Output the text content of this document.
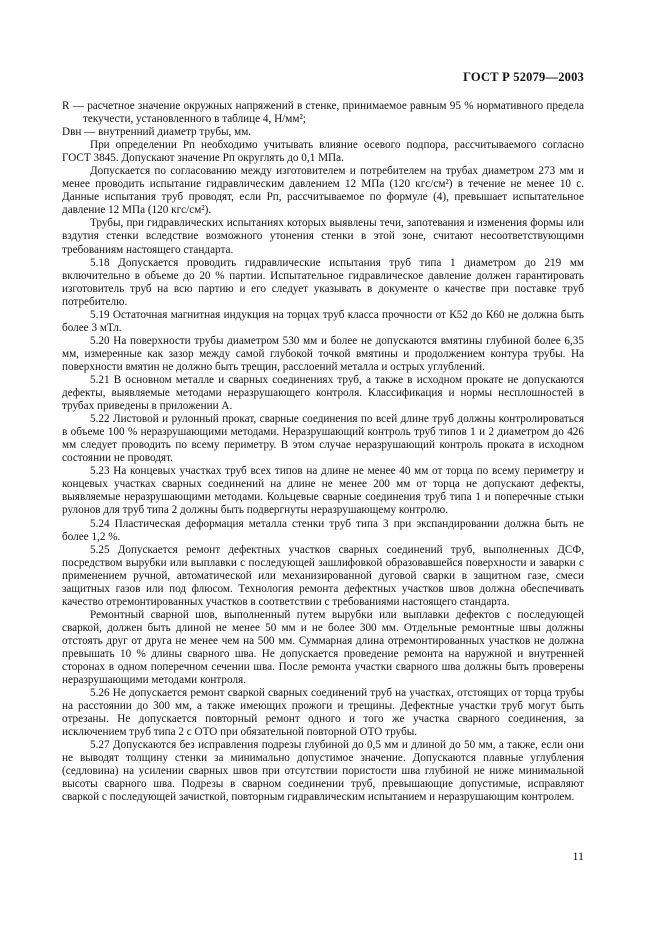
ГОСТ Р 52079—2003

R — расчетное значение окружных напряжений в стенке, принимаемое равным 95 % нормативного предела текучести, установленного в таблице 4, Н/мм²;

Dвн — внутренний диаметр трубы, мм.

При определении Рп необходимо учитывать влияние осевого подпора, рассчитываемого согласно ГОСТ 3845. Допускают значение Рп округлять до 0,1 МПа.

Допускается по согласованию между изготовителем и потребителем на трубах диаметром 273 мм и менее проводить испытание гидравлическим давлением 12 МПа (120 кгс/см²) в течение не менее 10 с. Данные испытания труб проводят, если Рп, рассчитываемое по формуле (4), превышает испытательное давление 12 МПа (120 кгс/см²).

Трубы, при гидравлических испытаниях которых выявлены течи, запотевания и изменения формы или вздутия стенки вследствие возможного утонения стенки в этой зоне, считают несоответствующими требованиям настоящего стандарта.

5.18 Допускается проводить гидравлические испытания труб типа 1 диаметром до 219 мм включительно в объеме до 20 % партии. Испытательное гидравлическое давление должен гарантировать изготовитель труб на всю партию и его следует указывать в документе о качестве при поставке труб потребителю.

5.19 Остаточная магнитная индукция на торцах труб класса прочности от К52 до К60 не должна быть более 3 мТл.

5.20 На поверхности трубы диаметром 530 мм и более не допускаются вмятины глубиной более 6,35 мм, измеренные как зазор между самой глубокой точкой вмятины и продолжением контура трубы. На поверхности вмятин не должно быть трещин, расслоений металла и острых углублений.

5.21 В основном металле и сварных соединениях труб, а также в исходном прокате не допускаются дефекты, выявляемые методами неразрушающего контроля. Классификация и нормы несплошностей в трубах приведены в приложении А.

5.22 Листовой и рулонный прокат, сварные соединения по всей длине труб должны контролироваться в объеме 100 % неразрушающими методами. Неразрушающий контроль труб типов 1 и 2 диаметром до 426 мм следует проводить по всему периметру. В этом случае неразрушающий контроль проката в исходном состоянии не проводят.

5.23 На концевых участках труб всех типов на длине не менее 40 мм от торца по всему периметру и концевых участках сварных соединений на длине не менее 200 мм от торца не допускают дефекты, выявляемые неразрушающими методами. Кольцевые сварные соединения труб типа 1 и поперечные стыки рулонов для труб типа 2 должны быть подвергнуты неразрушающему контролю.

5.24 Пластическая деформация металла стенки труб типа 3 при экспандировании должна быть не более 1,2 %.

5.25 Допускается ремонт дефектных участков сварных соединений труб, выполненных ДСФ, посредством вырубки или выплавки с последующей зашлифовкой образовавшейся поверхности и заварки с применением ручной, автоматической или механизированной дуговой сварки в защитном газе, смеси защитных газов или под флюсом. Технология ремонта дефектных участков швов должна обеспечивать качество отремонтированных участков в соответствии с требованиями настоящего стандарта.

Ремонтный сварной шов, выполненный путем вырубки или выплавки дефектов с последующей сваркой, должен быть длиной не менее 50 мм и не более 300 мм. Отдельные ремонтные швы должны отстоять друг от друга не менее чем на 500 мм. Суммарная длина отремонтированных участков не должна превышать 10 % длины сварного шва. Не допускается проведение ремонта на наружной и внутренней сторонах в одном поперечном сечении шва. После ремонта участки сварного шва должны быть проверены неразрушающими методами контроля.

5.26 Не допускается ремонт сваркой сварных соединений труб на участках, отстоящих от торца трубы на расстоянии до 300 мм, а также имеющих прожоги и трещины. Дефектные участки труб могут быть отрезаны. Не допускается повторный ремонт одного и того же участка сварного соединения, за исключением труб типа 2 с ОТО при обязательной повторной ОТО трубы.

5.27 Допускаются без исправления подрезы глубиной до 0,5 мм и длиной до 50 мм, а также, если они не выводят толщину стенки за минимально допустимое значение. Допускаются плавные углубления (седловина) на усилении сварных швов при отсутствии пористости шва глубиной не ниже минимальной высоты сварного шва. Подрезы в сварном соединении труб, превышающие допустимые, исправляют сваркой с последующей зачисткой, повторным гидравлическим испытанием и неразрушающим контролем.

11
